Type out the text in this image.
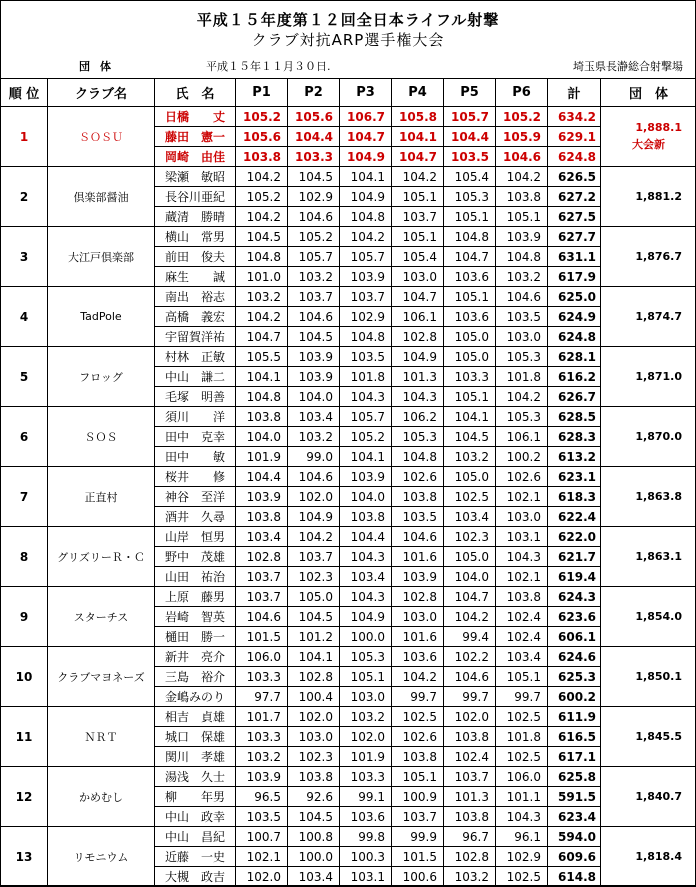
平成１５年度第１２回全日本ライフル射撃
クラブ対抗ARP選手権大会
団体	平成１５年１１月３０日.	埼玉県長瀞総合射撃場
順 位	クラブ名	氏　名	P1	P2	P3	P4	P5	P6	計	団　体
1	ＳＯＳＵ	日橋　　丈	105.2	105.6	106.7	105.8	105.7	105.2	634.2	1,888.1
大会新

		藤田　憲一	105.6	104.4	104.7	104.1	104.4	105.9	629.1	
		岡崎　由佳	103.8	103.3	104.9	104.7	103.5	104.6	624.8	
2	倶楽部醤油	梁瀬　敏昭	104.2	104.5	104.1	104.2	105.4	104.2	626.5	1,881.2
		長谷川亜紀	105.2	102.9	104.9	105.1	105.3	103.8	627.2	
		蔵清　勝晴	104.2	104.6	104.8	103.7	105.1	105.1	627.5	
3	大江戸倶楽部	横山　常男	104.5	105.2	104.2	105.1	104.8	103.9	627.7	1,876.7
		前田　俊夫	104.8	105.7	105.7	105.4	104.7	104.8	631.1	
		麻生　　誠	101.0	103.2	103.9	103.0	103.6	103.2	617.9	
4	TadPole	南出　裕志	103.2	103.7	103.7	104.7	105.1	104.6	625.0	1,874.7
		高橋　義宏	104.2	104.6	102.9	106.1	103.6	103.5	624.9	
		宇留賀洋祐	104.7	104.5	104.8	102.8	105.0	103.0	624.8	
5	フロッグ	村林　正敏	105.5	103.9	103.5	104.9	105.0	105.3	628.1	1,871.0
		中山　謙二	104.1	103.9	101.8	101.3	103.3	101.8	616.2	
		毛塚　明善	104.8	104.0	104.3	104.3	105.1	104.2	626.7	
6	ＳＯＳ	須川　　洋	103.8	103.4	105.7	106.2	104.1	105.3	628.5	1,870.0
		田中　克幸	104.0	103.2	105.2	105.3	104.5	106.1	628.3	
		田中　　敏	101.9	99.0	104.1	104.8	103.2	100.2	613.2	
7	正直村	桜井　　修	104.4	104.6	103.9	102.6	105.0	102.6	623.1	1,863.8
		神谷　至洋	103.9	102.0	104.0	103.8	102.5	102.1	618.3	
		酒井　久尋	103.8	104.9	103.8	103.5	103.4	103.0	622.4	
8	グリズリーＲ・Ｃ	山岸　恒男	103.4	104.2	104.4	104.6	102.3	103.1	622.0	1,863.1
		野中　茂雄	102.8	103.7	104.3	101.6	105.0	104.3	621.7	
		山田　祐治	103.7	102.3	103.4	103.9	104.0	102.1	619.4	
9	スターチス	上原　藤男	103.7	105.0	104.3	102.8	104.7	103.8	624.3	1,854.0
		岩崎　智英	104.6	104.5	104.9	103.0	104.2	102.4	623.6	
		樋田　勝一	101.5	101.2	100.0	101.6	99.4	102.4	606.1	
10	クラブマヨネーズ	新井　亮介	106.0	104.1	105.3	103.6	102.2	103.4	624.6	1,850.1
		三島　裕介	103.3	102.8	105.1	104.2	104.6	105.1	625.3	
		金嶋みのり	97.7	100.4	103.0	99.7	99.7	99.7	600.2	
11	ＮＲＴ	相吉　貞雄	101.7	102.0	103.2	102.5	102.0	102.5	611.9	1,845.5
		城口　保雄	103.3	103.0	102.0	102.6	103.8	101.8	616.5	
		関川　孝雄	103.2	102.3	101.9	103.8	102.4	102.5	617.1	
12	かめむし	湯浅　久士	103.9	103.8	103.3	105.1	103.7	106.0	625.8	1,840.7
		柳　　年男	96.5	92.6	99.1	100.9	101.3	101.1	591.5	
		中山　政幸	103.5	104.5	103.6	103.7	103.8	104.3	623.4	
13	リモニウム	中山　昌紀	100.7	100.8	99.8	99.9	96.7	96.1	594.0	1,818.4
		近藤　一史	102.1	100.0	100.3	101.5	102.8	102.9	609.6	
		大槻　政吉	102.0	103.4	103.1	100.6	103.2	102.5	614.8	
